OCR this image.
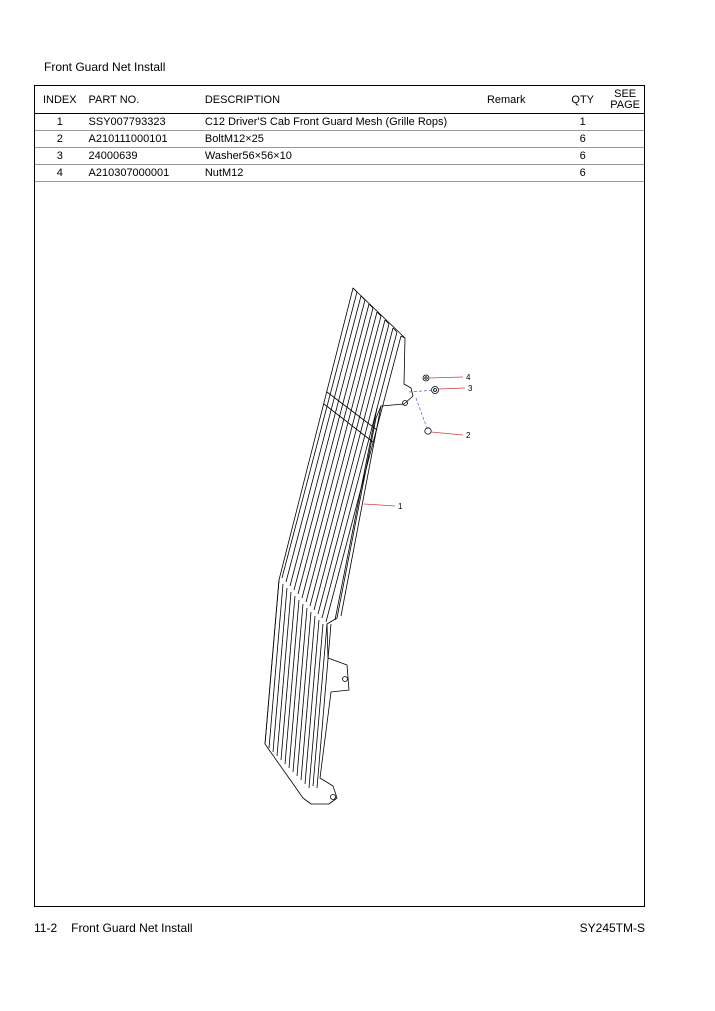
Front Guard Net Install
INDEX	PART NO.	DESCRIPTION	Remark	QTY	SEE
PAGE
1	SSY007793323	C12 Driver'S Cab Front Guard Mesh (Grille Rops)		1	
2	A210111000101	BoltM12×25		6	
3	24000639	Washer56×56×10		6	
4	A210307000001	NutM12		6	
1
2
3
4
11-2 Front Guard Net Install	SY245TM-S
